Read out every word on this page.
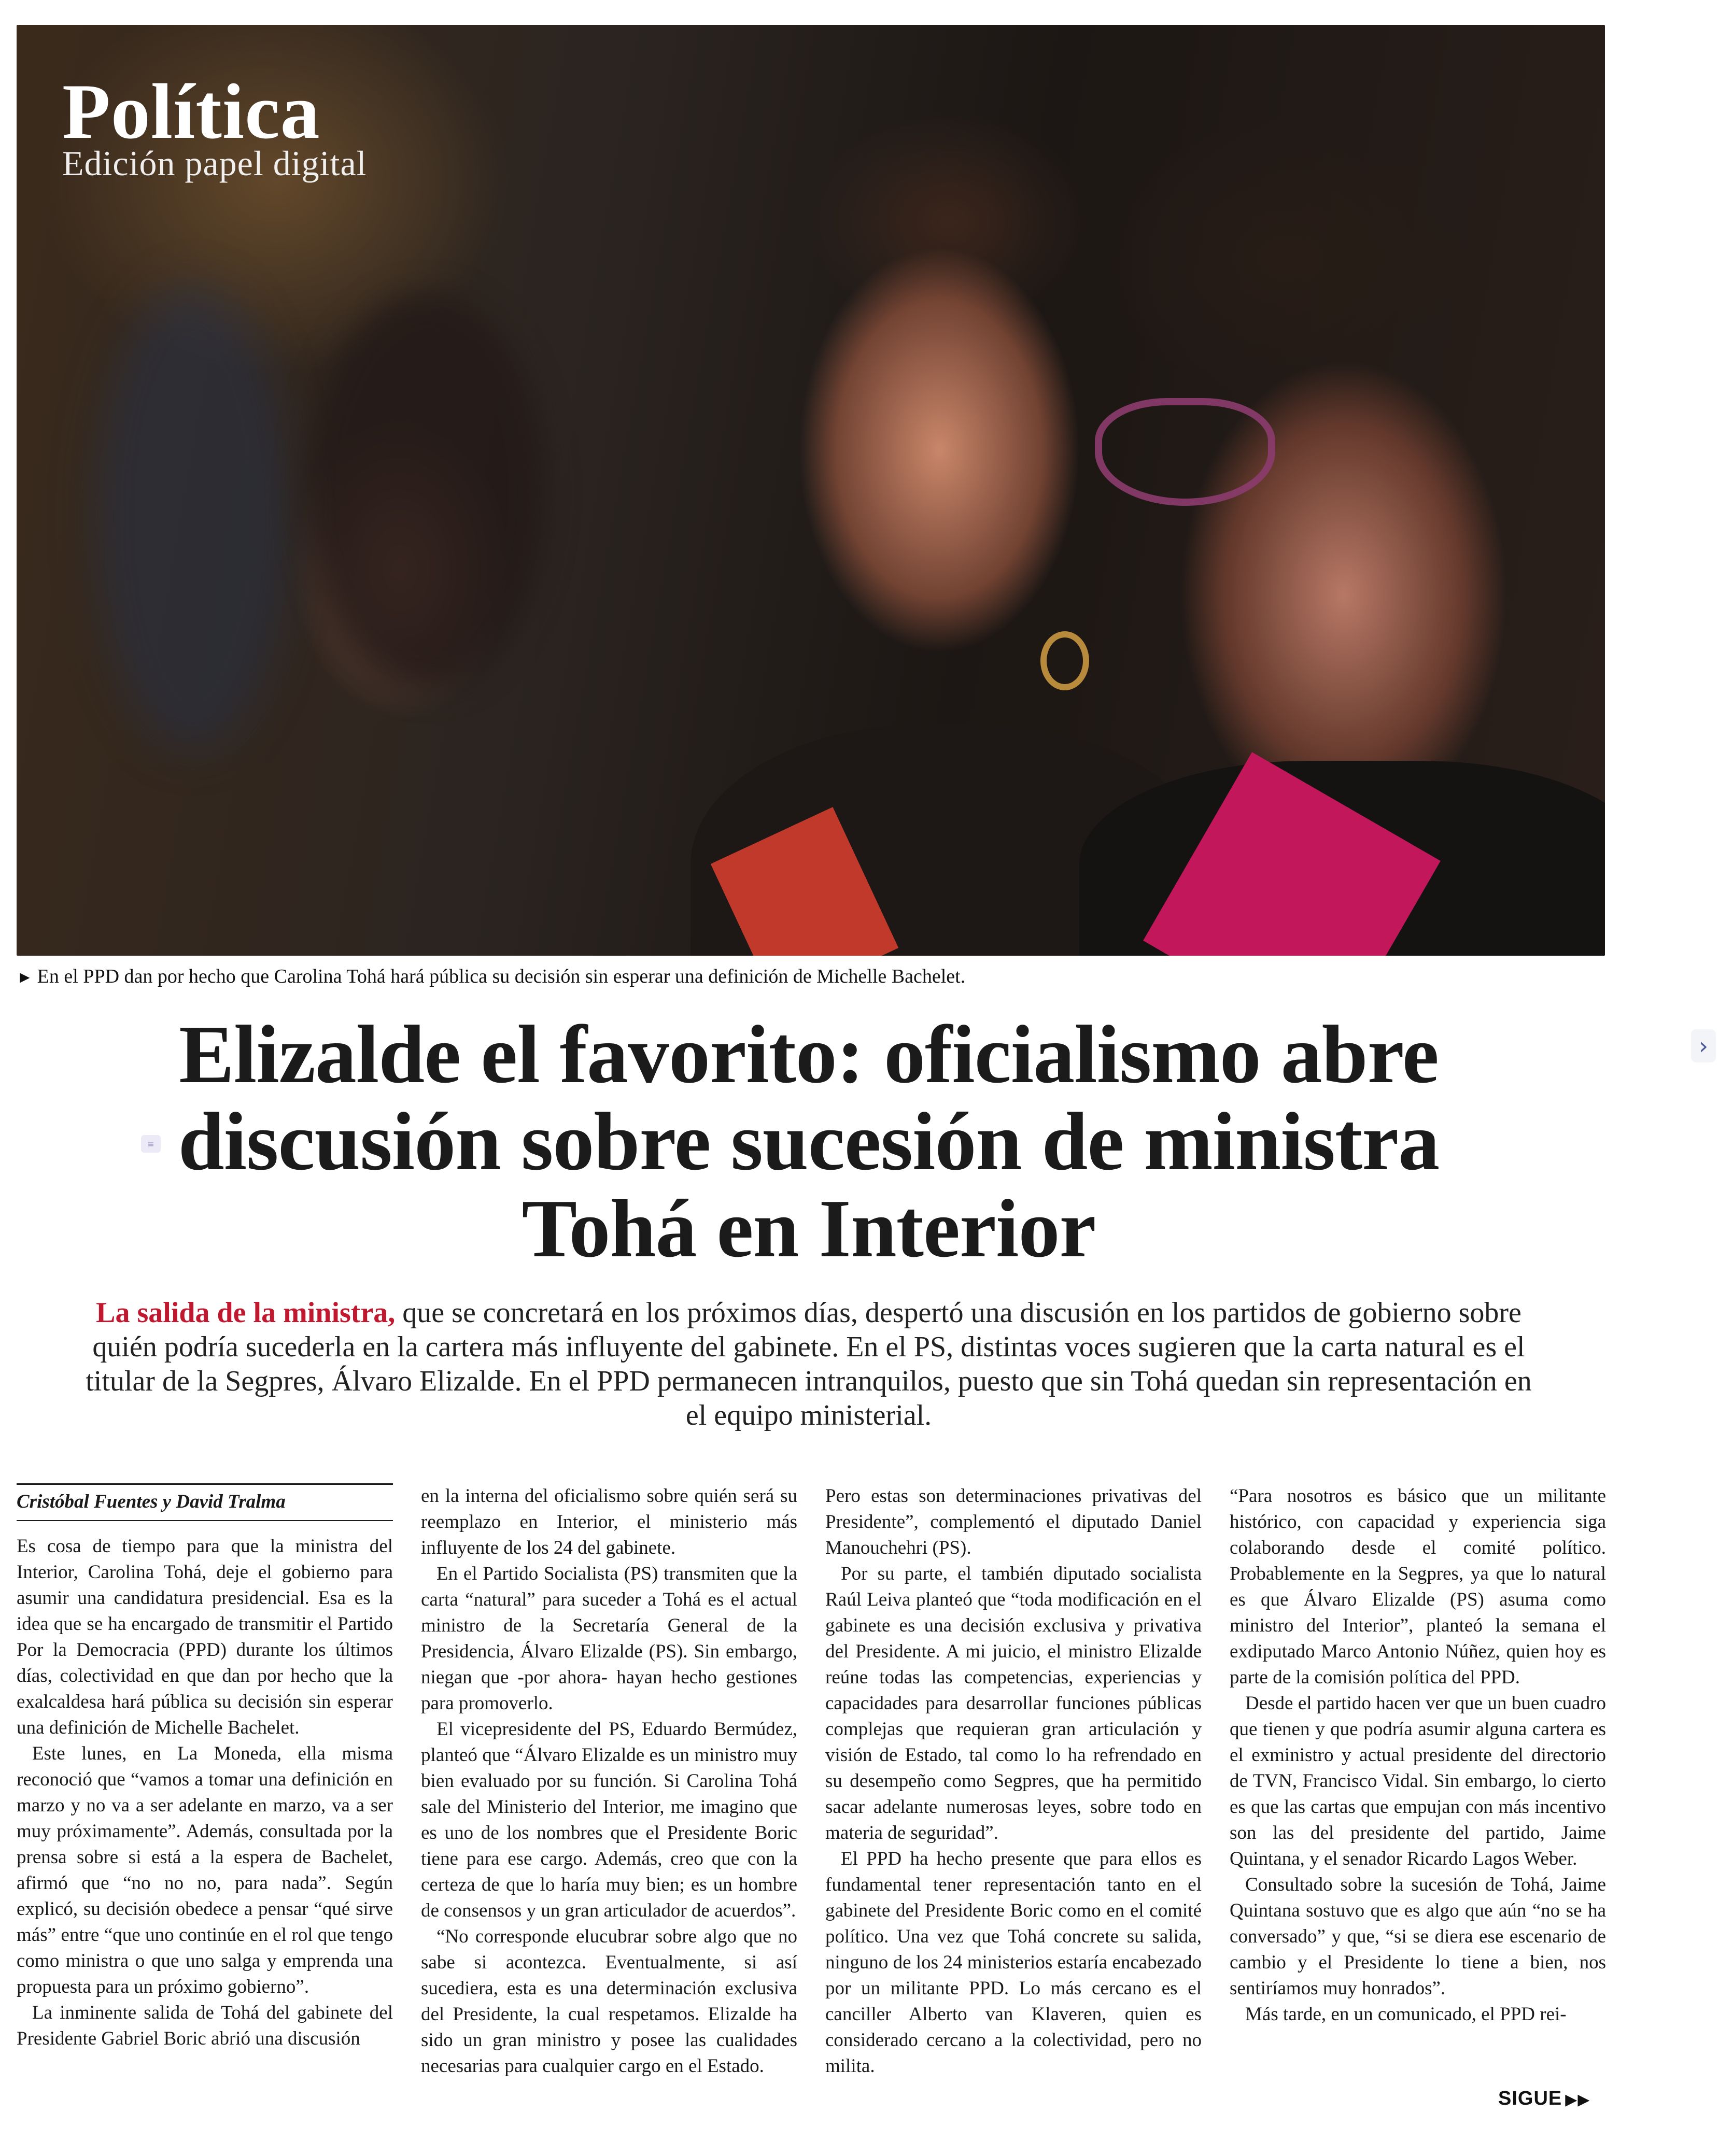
Política
Edición papel digital
► En el PPD dan por hecho que Carolina Tohá hará pública su decisión sin esperar una definición de Michelle Bachelet.
›
Elizalde el favorito: oficialismo abre discusión sobre sucesión de ministra Tohá en Interior
≡

La salida de la ministra, que se concretará en los próximos días, despertó una discusión en los partidos de gobierno sobre quién podría sucederla en la cartera más influyente del gabinete. En el PS, distintas voces sugieren que la carta natural es el titular de la Segpres, Álvaro Elizalde. En el PPD permanecen intranquilos, puesto que sin Tohá quedan sin representación en el equipo ministerial.

Cristóbal Fuentes y David Tralma

Es cosa de tiempo para que la ministra del Interior, Carolina Tohá, deje el gobierno para asumir una candidatura presidencial. Esa es la idea que se ha encargado de transmitir el Partido Por la Democracia (PPD) durante los últimos días, colectividad en que dan por hecho que la exalcaldesa hará pública su decisión sin esperar una definición de Michelle Bachelet.

Este lunes, en La Moneda, ella misma reconoció que “vamos a tomar una definición en marzo y no va a ser adelante en marzo, va a ser muy próximamente”. Además, consultada por la prensa sobre si está a la espera de Bachelet, afirmó que “no no no, para nada”. Según explicó, su decisión obedece a pensar “qué sirve más” entre “que uno continúe en el rol que tengo como ministra o que uno salga y emprenda una propuesta para un próximo gobierno”.

La inminente salida de Tohá del gabinete del Presidente Gabriel Boric abrió una discusión

en la interna del oficialismo sobre quién será su reemplazo en Interior, el ministerio más influyente de los 24 del gabinete.

En el Partido Socialista (PS) transmiten que la carta “natural” para suceder a Tohá es el actual ministro de la Secretaría General de la Presidencia, Álvaro Elizalde (PS). Sin embargo, niegan que -por ahora- hayan hecho gestiones para promoverlo.

El vicepresidente del PS, Eduardo Bermúdez, planteó que “Álvaro Elizalde es un ministro muy bien evaluado por su función. Si Carolina Tohá sale del Ministerio del Interior, me imagino que es uno de los nombres que el Presidente Boric tiene para ese cargo. Además, creo que con la certeza de que lo haría muy bien; es un hombre de consensos y un gran articulador de acuerdos”.

“No corresponde elucubrar sobre algo que no sabe si acontezca. Eventualmente, si así sucediera, esta es una determinación exclusiva del Presidente, la cual respetamos. Elizalde ha sido un gran ministro y posee las cualidades necesarias para cualquier cargo en el Estado.

Pero estas son determinaciones privativas del Presidente”, complementó el diputado Daniel Manouchehri (PS).

Por su parte, el también diputado socialista Raúl Leiva planteó que “toda modificación en el gabinete es una decisión exclusiva y privativa del Presidente. A mi juicio, el ministro Elizalde reúne todas las competencias, experiencias y capacidades para desarrollar funciones públicas complejas que requieran gran articulación y visión de Estado, tal como lo ha refrendado en su desempeño como Segpres, que ha permitido sacar adelante numerosas leyes, sobre todo en materia de seguridad”.

El PPD ha hecho presente que para ellos es fundamental tener representación tanto en el gabinete del Presidente Boric como en el comité político. Una vez que Tohá concrete su salida, ninguno de los 24 ministerios estaría encabezado por un militante PPD. Lo más cercano es el canciller Alberto van Klaveren, quien es considerado cercano a la colectividad, pero no milita.

“Para nosotros es básico que un militante histórico, con capacidad y experiencia siga colaborando desde el comité político. Probablemente en la Segpres, ya que lo natural es que Álvaro Elizalde (PS) asuma como ministro del Interior”, planteó la semana el exdiputado Marco Antonio Núñez, quien hoy es parte de la comisión política del PPD.

Desde el partido hacen ver que un buen cuadro que tienen y que podría asumir alguna cartera es el exministro y actual presidente del directorio de TVN, Francisco Vidal. Sin embargo, lo cierto es que las cartas que empujan con más incentivo son las del presidente del partido, Jaime Quintana, y el senador Ricardo Lagos Weber.

Consultado sobre la sucesión de Tohá, Jaime Quintana sostuvo que es algo que aún “no se ha conversado” y que, “si se diera ese escenario de cambio y el Presidente lo tiene a bien, nos sentiríamos muy honrados”.

Más tarde, en un comunicado, el PPD rei-

SIGUE ▶▶
